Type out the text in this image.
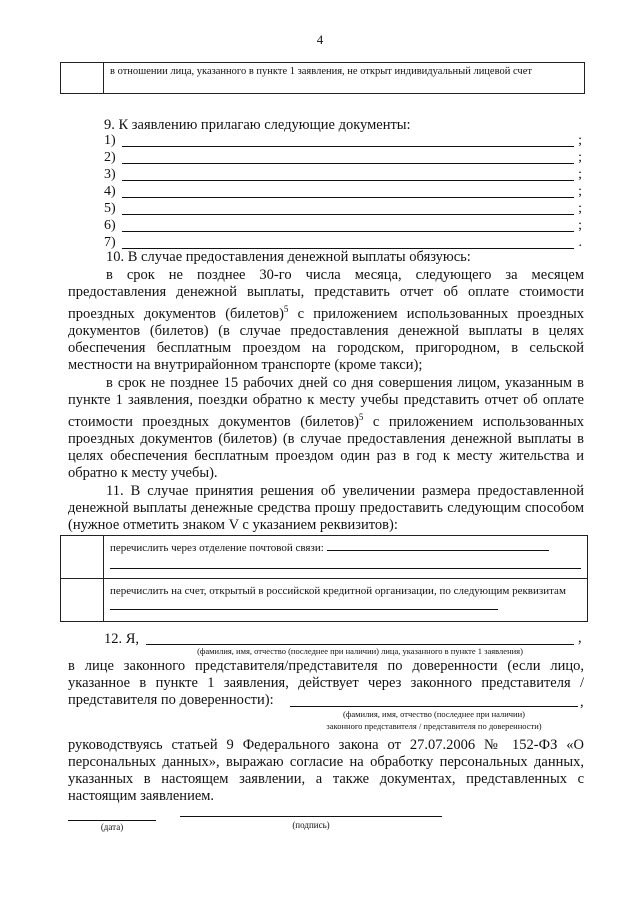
4
	в отношении лица, указанного в пункте 1 заявления, не открыт индивидуальный лицевой счет
9. К заявлению прилагаю следующие документы:
1)	;
2)	;
3)	;
4)	;
5)	;
6)	;
7)	.
10. В случае предоставления денежной выплаты обязуюсь:
в срок не позднее 30-го числа месяца, следующего за месяцем предоставления денежной выплаты, представить отчет об оплате стоимости проездных документов (билетов)$^5$ с приложением использованных проездных документов (билетов) (в случае предоставления денежной выплаты в целях обеспечения бесплатным проездом на городском, пригородном, в сельской местности на внутрирайонном транспорте (кроме такси);
в срок не позднее 15 рабочих дней со дня совершения лицом, указанным в пункте 1 заявления, поездки обратно к месту учебы представить отчет об оплате стоимости проездных документов (билетов)$^5$ с приложением использованных проездных документов (билетов) (в случае предоставления денежной выплаты в целях обеспечения бесплатным проездом один раз в год к месту жительства и обратно к месту учебы).
11. В случае принятия решения об увеличении размера предоставленной денежной выплаты денежные средства прошу предоставить следующим способом (нужное отметить знаком V с указанием реквизитов):
	перечислить через отделение почтовой связи:

	перечислить на счет, открытый в российской кредитной организации, по следующим реквизитам
12. Я,	,
(фамилия, имя, отчество (последнее при наличии) лица, указанного в пункте 1 заявления)
в лице законного представителя/представителя по доверенности (если лицо, указанное в пункте 1 заявления, действует через законного представителя / представителя по доверенности):	,
(фамилия, имя, отчество (последнее при наличии)
законного представителя / представителя по доверенности)
руководствуясь статьей 9 Федерального закона от 27.07.2006 № 152-ФЗ «О персональных данных», выражаю согласие на обработку персональных данных, указанных в настоящем заявлении, а также документах, представленных с настоящим заявлением.
(дата)	(подпись)
